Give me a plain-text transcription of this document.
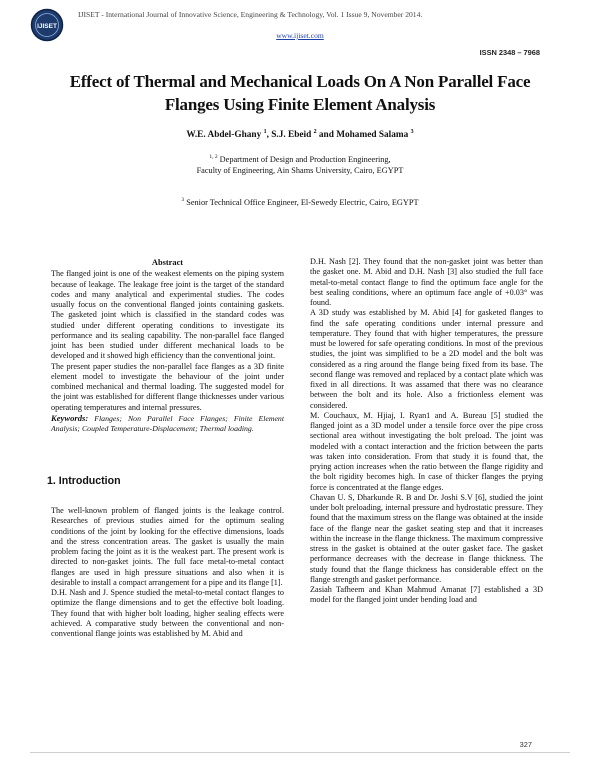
IJISET
IJISET - International Journal of Innovative Science, Engineering & Technology, Vol. 1 Issue 9, November 2014.
www.ijiset.com
ISSN 2348 – 7968
Effect of Thermal and Mechanical Loads On A Non Parallel Face
Flanges Using Finite Element Analysis
W.E. Abdel-Ghany $^1$, S.J. Ebeid $^2$ and Mohamed Salama $^3$
$^{1, 2}$ Department of Design and Production Engineering,
Faculty of Engineering, Ain Shams University, Cairo, EGYPT
$^3$ Senior Technical Office Engineer, El-Sewedy Electric, Cairo, EGYPT

Abstract

The flanged joint is one of the weakest elements on the piping system because of leakage. The leakage free joint is the target of the standard codes and many analytical and experimental studies. The codes usually focus on the conventional flanged joints containing gaskets. The gasketed joint which is classified in the standard codes was studied under different operating conditions to investigate its performance and its sealing capability. The non-parallel face flanged joint has been studied under different mechanical loads to be developed and it showed high efficiency than the conventional joint.

The present paper studies the non-parallel face flanges as a 3D finite element model to investigate the behaviour of the joint under combined mechanical and thermal loading. The suggested model for the joint was established for different flange thicknesses under various operating temperatures and internal pressures.

Keywords: Flanges; Non Parallel Face Flanges; Finite Element Analysis; Coupled Temperature-Displacement; Thermal loading.

1. Introduction

The well-known problem of flanged joints is the leakage control. Researches of previous studies aimed for the optimum sealing conditions of the joint by looking for the effective dimensions, loads and the stress concentration areas. The gasket is usually the main problem facing the joint as it is the weakest part. The present work is directed to non-gasket joints. The full face metal-to-metal contact flanges are used in high pressure situations and also when it is desirable to install a compact arrangement for a pipe and its flange [1].

D.H. Nash and J. Spence studied the metal-to-metal contact flanges to optimize the flange dimensions and to get the effective bolt loading. They found that with higher bolt loading, higher sealing effects were achieved. A comparative study between the conventional and non-conventional flange joints was established by M. Abid and

D.H. Nash [2]. They found that the non-gasket joint was better than the gasket one. M. Abid and D.H. Nash [3] also studied the full face metal-to-metal contact flange to find the optimum face angle for the best sealing conditions, where an optimum face angle of +0.03° was found.

A 3D study was established by M. Abid [4] for gasketed flanges to find the safe operating conditions under internal pressure and temperature. They found that with higher temperatures, the pressure must be lowered for safe operating conditions. In most of the previous studies, the joint was simplified to be a 2D model and the bolt was considered as a ring around the flange being fixed from its base. The second flange was removed and replaced by a contact plate which was fixed in all directions. It was assamed that there was no clearance between the bolt and its hole. Also a frictionless element was considered.

M. Couchaux, M. Hjiaj, I. Ryan1 and A. Bureau [5] studied the flanged joint as a 3D model under a tensile force over the pipe cross sectional area without investigating the bolt preload. The joint was modeled with a contact interaction and the friction between the parts was taken into consideration. From that study it is found that, the prying action increases when the ratio between the flange rigidity and the bolt rigidity becomes high. In case of thicker flanges the prying force is concentrated at the flange edges.

Chavan U. S, Dharkunde R. B and Dr. Joshi S.V [6], studied the joint under bolt preloading, internal pressure and hydrostatic pressure. They found that the maximum stress on the flange was obtained at the inside face of the flange near the gasket seating step and that it increases within the increase in the flange thickness. The maximum compressive stress in the gasket is obtained at the outer gasket face. The gasket performance decreases with the decrease in flange thickness. The study found that the flange thickness has considerable effect on the flange strength and gasket performance.

Zasiah Tafheem and Khan Mahmud Amanat [7] established a 3D model for the flanged joint under bending load and

327
